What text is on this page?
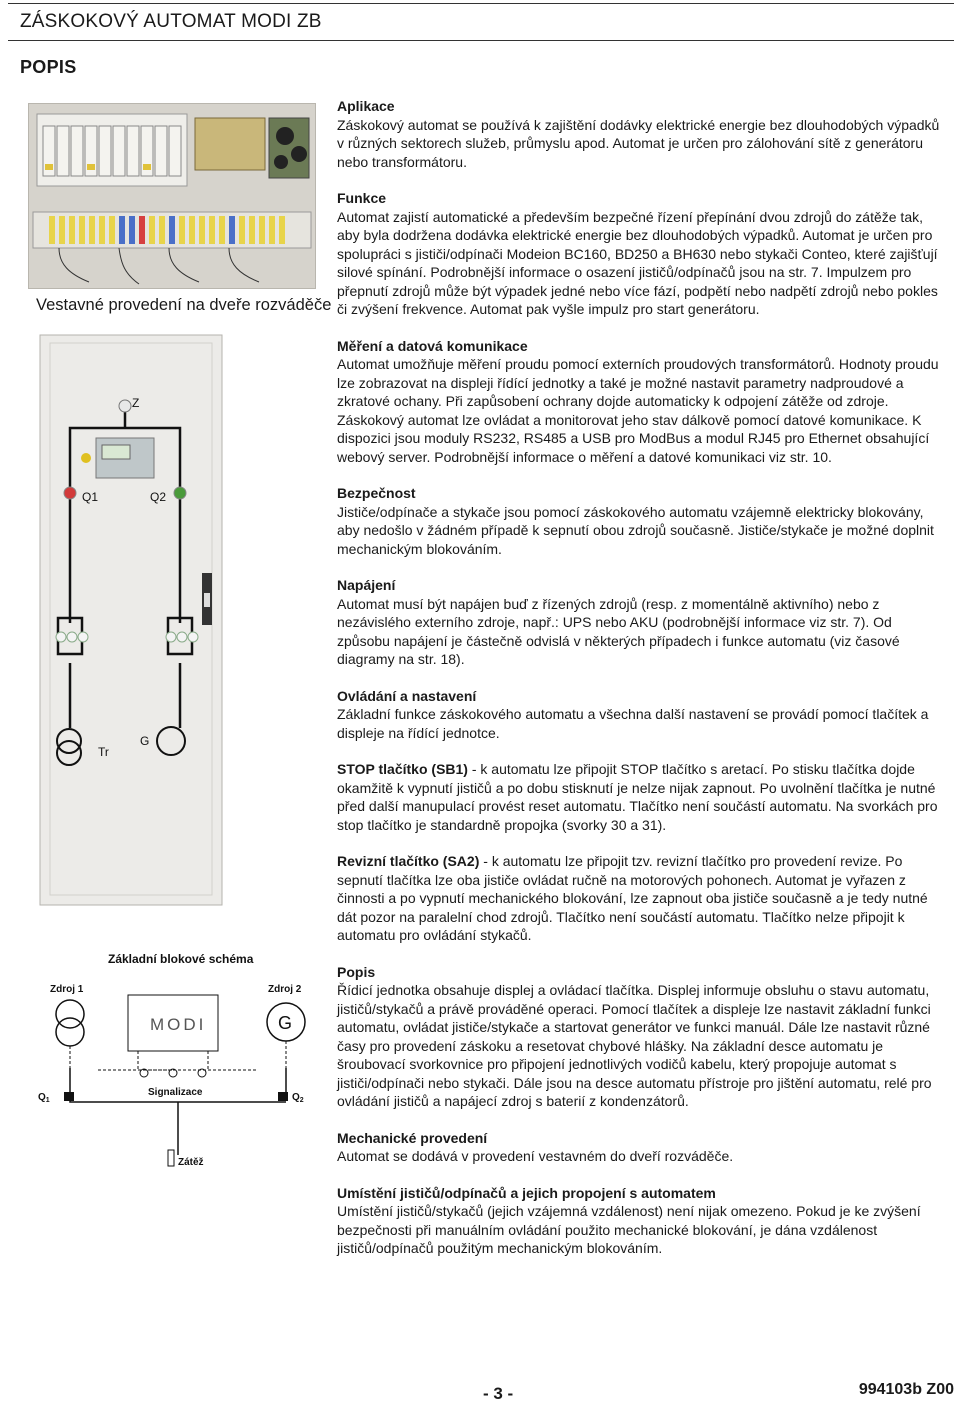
ZÁSKOKOVÝ AUTOMAT MODI ZB
POPIS
Vestavné provedení na dveře rozváděče
Z
Q1	Q2
Tr
G
Základní blokové schéma
Zdroj 1	Zdroj 2
G
MODI
$Q_1$	$Q_2$
Signalizace
Zátěž
Aplikace

Záskokový automat se používá k zajištění dodávky elektrické energie bez dlouhodobých výpadků v různých sektorech služeb, průmyslu apod. Automat je určen pro zálohování sítě z generátoru nebo transformátoru.

Funkce

Automat zajistí automatické a především bezpečné řízení přepínání dvou zdrojů do zátěže tak, aby byla dodržena dodávka elektrické energie bez dlouhodobých výpadků. Automat je určen pro spolupráci s jističi/odpínači Modeion BC160, BD250 a BH630 nebo stykači Conteo, které zajišťují silové spínání. Podrobnější informace o osazení jističů/odpínačů jsou na str. 7. Impulzem pro přepnutí zdrojů může být výpadek jedné nebo více fází, podpětí nebo nadpětí zdrojů nebo pokles či zvýšení frekvence. Automat pak vyšle impulz pro start generátoru.

Měření a datová komunikace

Automat umožňuje měření proudu pomocí externích proudových transformátorů. Hodnoty proudu lze zobrazovat na displeji řídící jednotky a také je možné nastavit parametry nadproudové a zkratové ochany. Při zapůsobení ochrany dojde automaticky k odpojení zátěže od zdroje. Záskokový automat lze ovládat a monitorovat jeho stav dálkově pomocí datové komunikace. K dispozici jsou moduly RS232, RS485 a USB pro ModBus a modul RJ45 pro Ethernet obsahující webový server. Podrobnější informace o měření a datové komunikaci viz str. 10.

Bezpečnost

Jističe/odpínače a stykače jsou pomocí záskokového automatu vzájemně elektricky blokovány, aby nedošlo v žádném případě k sepnutí obou zdrojů současně. Jističe/stykače je možné doplnit mechanickým blokováním.

Napájení

Automat musí být napájen buď z řízených zdrojů (resp. z momentálně aktivního) nebo z nezávislého externího zdroje, např.: UPS nebo AKU (podrobnější informace viz str. 7). Od způsobu napájení je částečně odvislá v některých případech i funkce automatu (viz časové diagramy na str. 18).

Ovládání a nastavení

Základní funkce záskokového automatu a všechna další nastavení se provádí pomocí tlačítek a displeje na řídící jednotce.

STOP tlačítko (SB1) - k automatu lze připojit STOP tlačítko s aretací. Po stisku tlačítka dojde okamžitě k vypnutí jističů a po dobu stisknutí je nelze nijak zapnout. Po uvolnění tlačítka je nutné před další manupulací provést reset automatu. Tlačítko není součástí automatu. Na svorkách pro stop tlačítko je standardně propojka (svorky 30 a 31).

Revizní tlačítko (SA2) - k automatu lze připojit tzv. revizní tlačítko pro provedení revize. Po sepnutí tlačítka lze oba jističe ovládat ručně na motorových pohonech. Automat je vyřazen z činnosti a po vypnutí mechanického blokování, lze zapnout oba jističe současně a je tedy nutné dát pozor na paralelní chod zdrojů. Tlačítko není součástí automatu. Tlačítko nelze připojit k automatu pro ovládání stykačů.

Popis

Řídicí jednotka obsahuje displej a ovládací tlačítka. Displej informuje obsluhu o stavu automatu, jističů/stykačů a právě prováděné operaci. Pomocí tlačítek a displeje lze nastavit základní funkci automatu, ovládat jističe/stykače a startovat generátor ve funkci manuál. Dále lze nastavit různé časy pro provedení záskoku a resetovat chybové hlášky. Na základní desce automatu je šroubovací svorkovnice pro připojení jednotlivých vodičů kabelu, který propojuje automat s jističi/odpínači nebo stykači. Dále jsou na desce automatu přístroje pro jištění automatu, relé pro ovládání jističů a napájecí zdroj s baterií z kondenzátorů.

Mechanické provedení

Automat se dodává v provedení vestavném do dveří rozváděče.

Umístění jističů/odpínačů a jejich propojení s automatem

Umístění jističů/stykačů (jejich vzájemná vzdálenost) není nijak omezeno. Pokud je ke zvýšení bezpečnosti při manuálním ovládání použito mechanické blokování, je dána vzdálenost jističů/odpínačů použitým mechanickým blokováním.

- 3 -	994103b Z00
